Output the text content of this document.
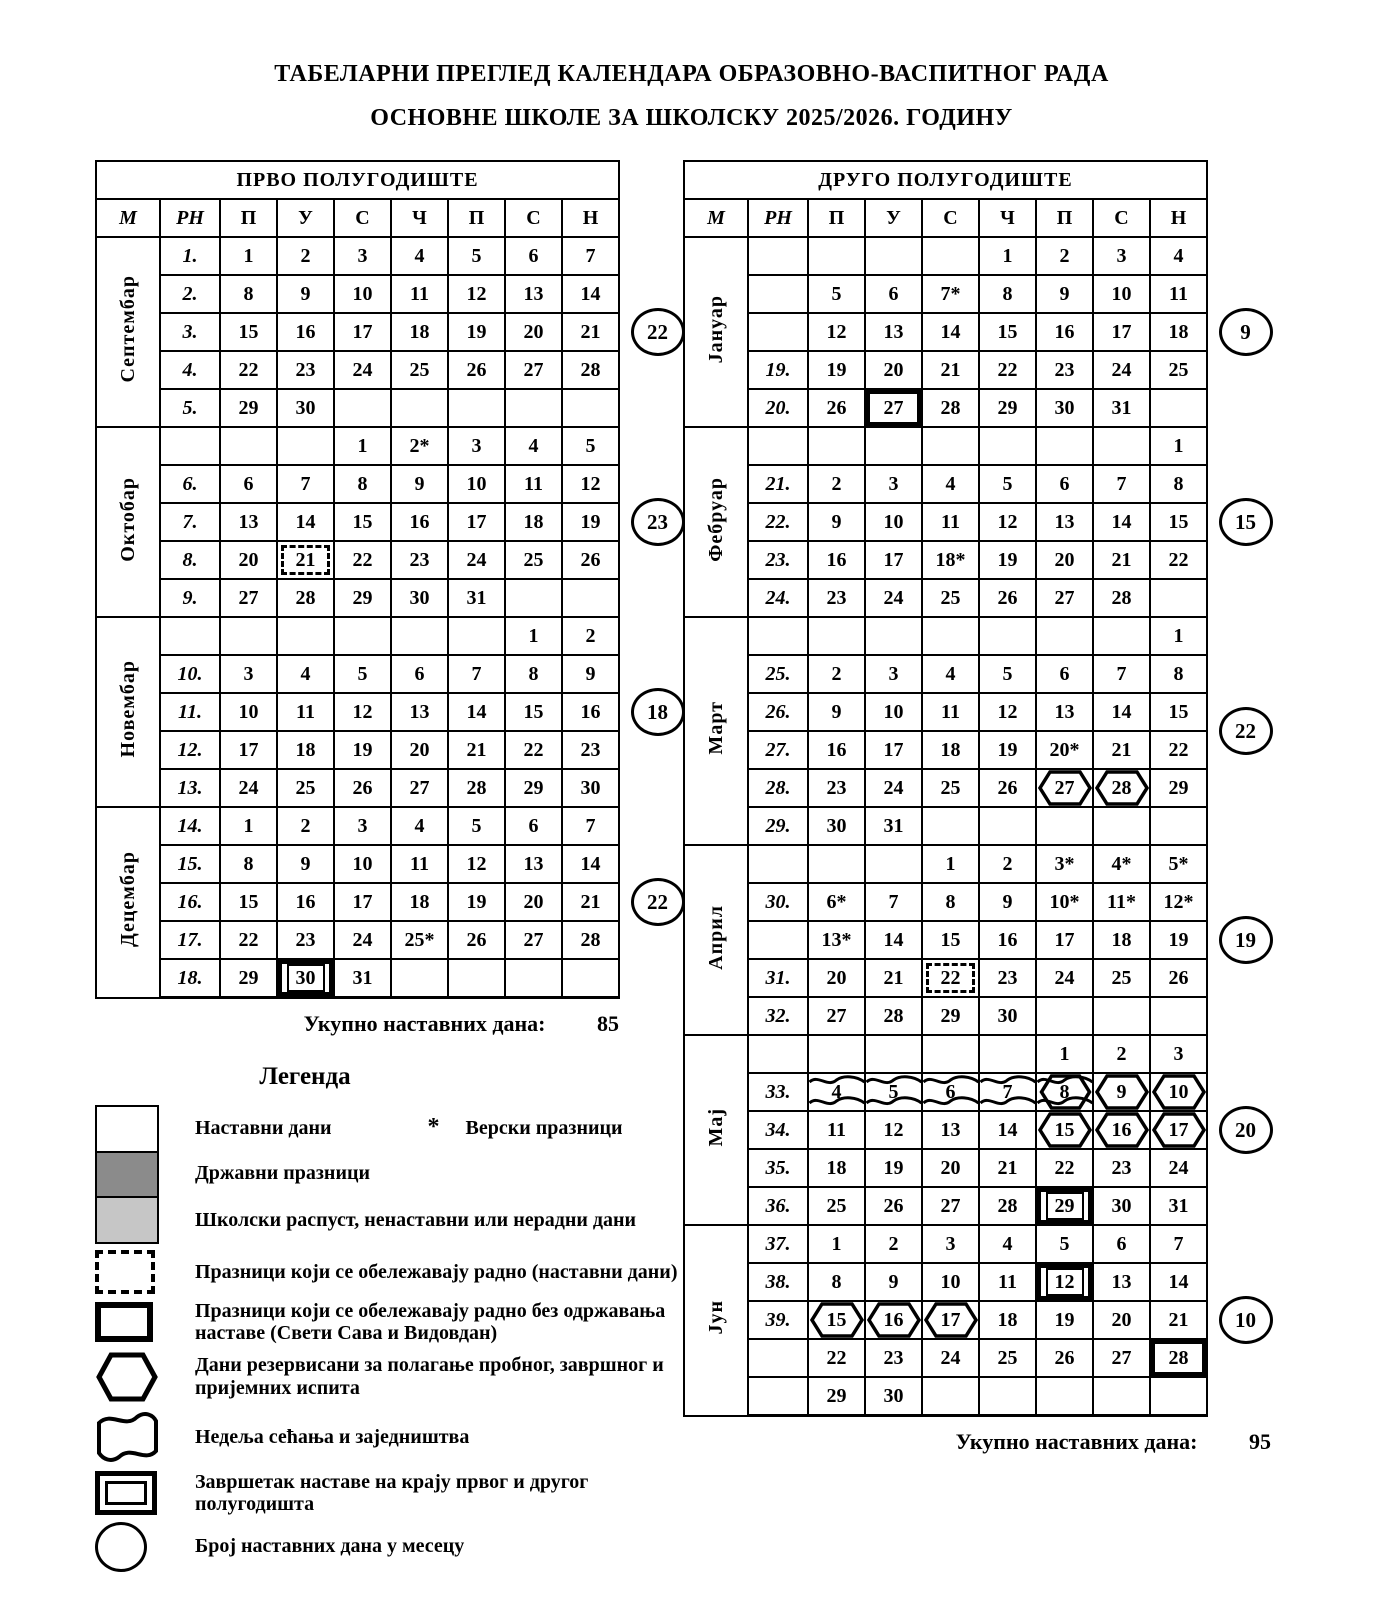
ТАБЕЛАРНИ ПРЕГЛЕД КАЛЕНДАРА ОБРАЗОВНО-ВАСПИТНОГ РАДА
ОСНОВНЕ ШКОЛЕ ЗА ШКОЛСКУ 2025/2026. ГОДИНУ
ПРВО ПОЛУГОДИШТЕ									
М	РН	П	У	С	Ч	П	С	Н	
Септембар	1.	1	2	3	4	5	6	7	22
	2.	8	9	10	11	12	13	14	
	3.	15	16	17	18	19	20	21	
	4.	22	23	24	25	26	27	28	
	5.	29	30						
Октобар				1	2*	3	4	5	23
	6.	6	7	8	9	10	11	12	
	7.	13	14	15	16	17	18	19	
	8.	20	21	22	23	24	25	26	
	9.	27	28	29	30	31			
Новембар							1	2	18
	10.	3	4	5	6	7	8	9	
	11.	10	11	12	13	14	15	16	
	12.	17	18	19	20	21	22	23	
	13.	24	25	26	27	28	29	30	
Децембар	14.	1	2	3	4	5	6	7	22
	15.	8	9	10	11	12	13	14	
	16.	15	16	17	18	19	20	21	
	17.	22	23	24	25*	26	27	28	
	18.	29	30	31					
Укупно наставних дана: 85
Легенда
Наставни дани	* Верски празници
Државни празници
Школски распуст, ненаставни или нерадни дани
Празници који се обележавају радно (наставни дани)
Празници који се обележавају радно без одржавања наставе (Свети Сава и Видовдан)
Дани резервисани за полагање пробног, завршног и пријемних испита
Недеља сећања и заједништва
Завршетак наставе на крају првог и другог полугодишта
Број наставних дана у месецу
ДРУГО ПОЛУГОДИШТЕ									
М	РН	П	У	С	Ч	П	С	Н	
Јануар					1	2	3	4	9
		5	6	7*	8	9	10	11	
		12	13	14	15	16	17	18	
	19.	19	20	21	22	23	24	25	
	20.	26	27	28	29	30	31		
Фебруар								1	15
	21.	2	3	4	5	6	7	8	
	22.	9	10	11	12	13	14	15	
	23.	16	17	18*	19	20	21	22	
	24.	23	24	25	26	27	28		
Март								1	22
	25.	2	3	4	5	6	7	8	
	26.	9	10	11	12	13	14	15	
	27.	16	17	18	19	20*	21	22	
	28.	23	24	25	26	27	28	29	
	29.	30	31						
Април				1	2	3*	4*	5*	19
	30.	6*	7	8	9	10*	11*	12*	
		13*	14	15	16	17	18	19	
	31.	20	21	22	23	24	25	26	
	32.	27	28	29	30				
Мај						1	2	3	20
	33.	4	5	6	7	8	9	10	
	34.	11	12	13	14	15	16	17	
	35.	18	19	20	21	22	23	24	
	36.	25	26	27	28	29	30	31	
Јун	37.	1	2	3	4	5	6	7	10
	38.	8	9	10	11	12	13	14	
	39.	15	16	17	18	19	20	21	
		22	23	24	25	26	27	28	
		29	30						
Укупно наставних дана: 95
